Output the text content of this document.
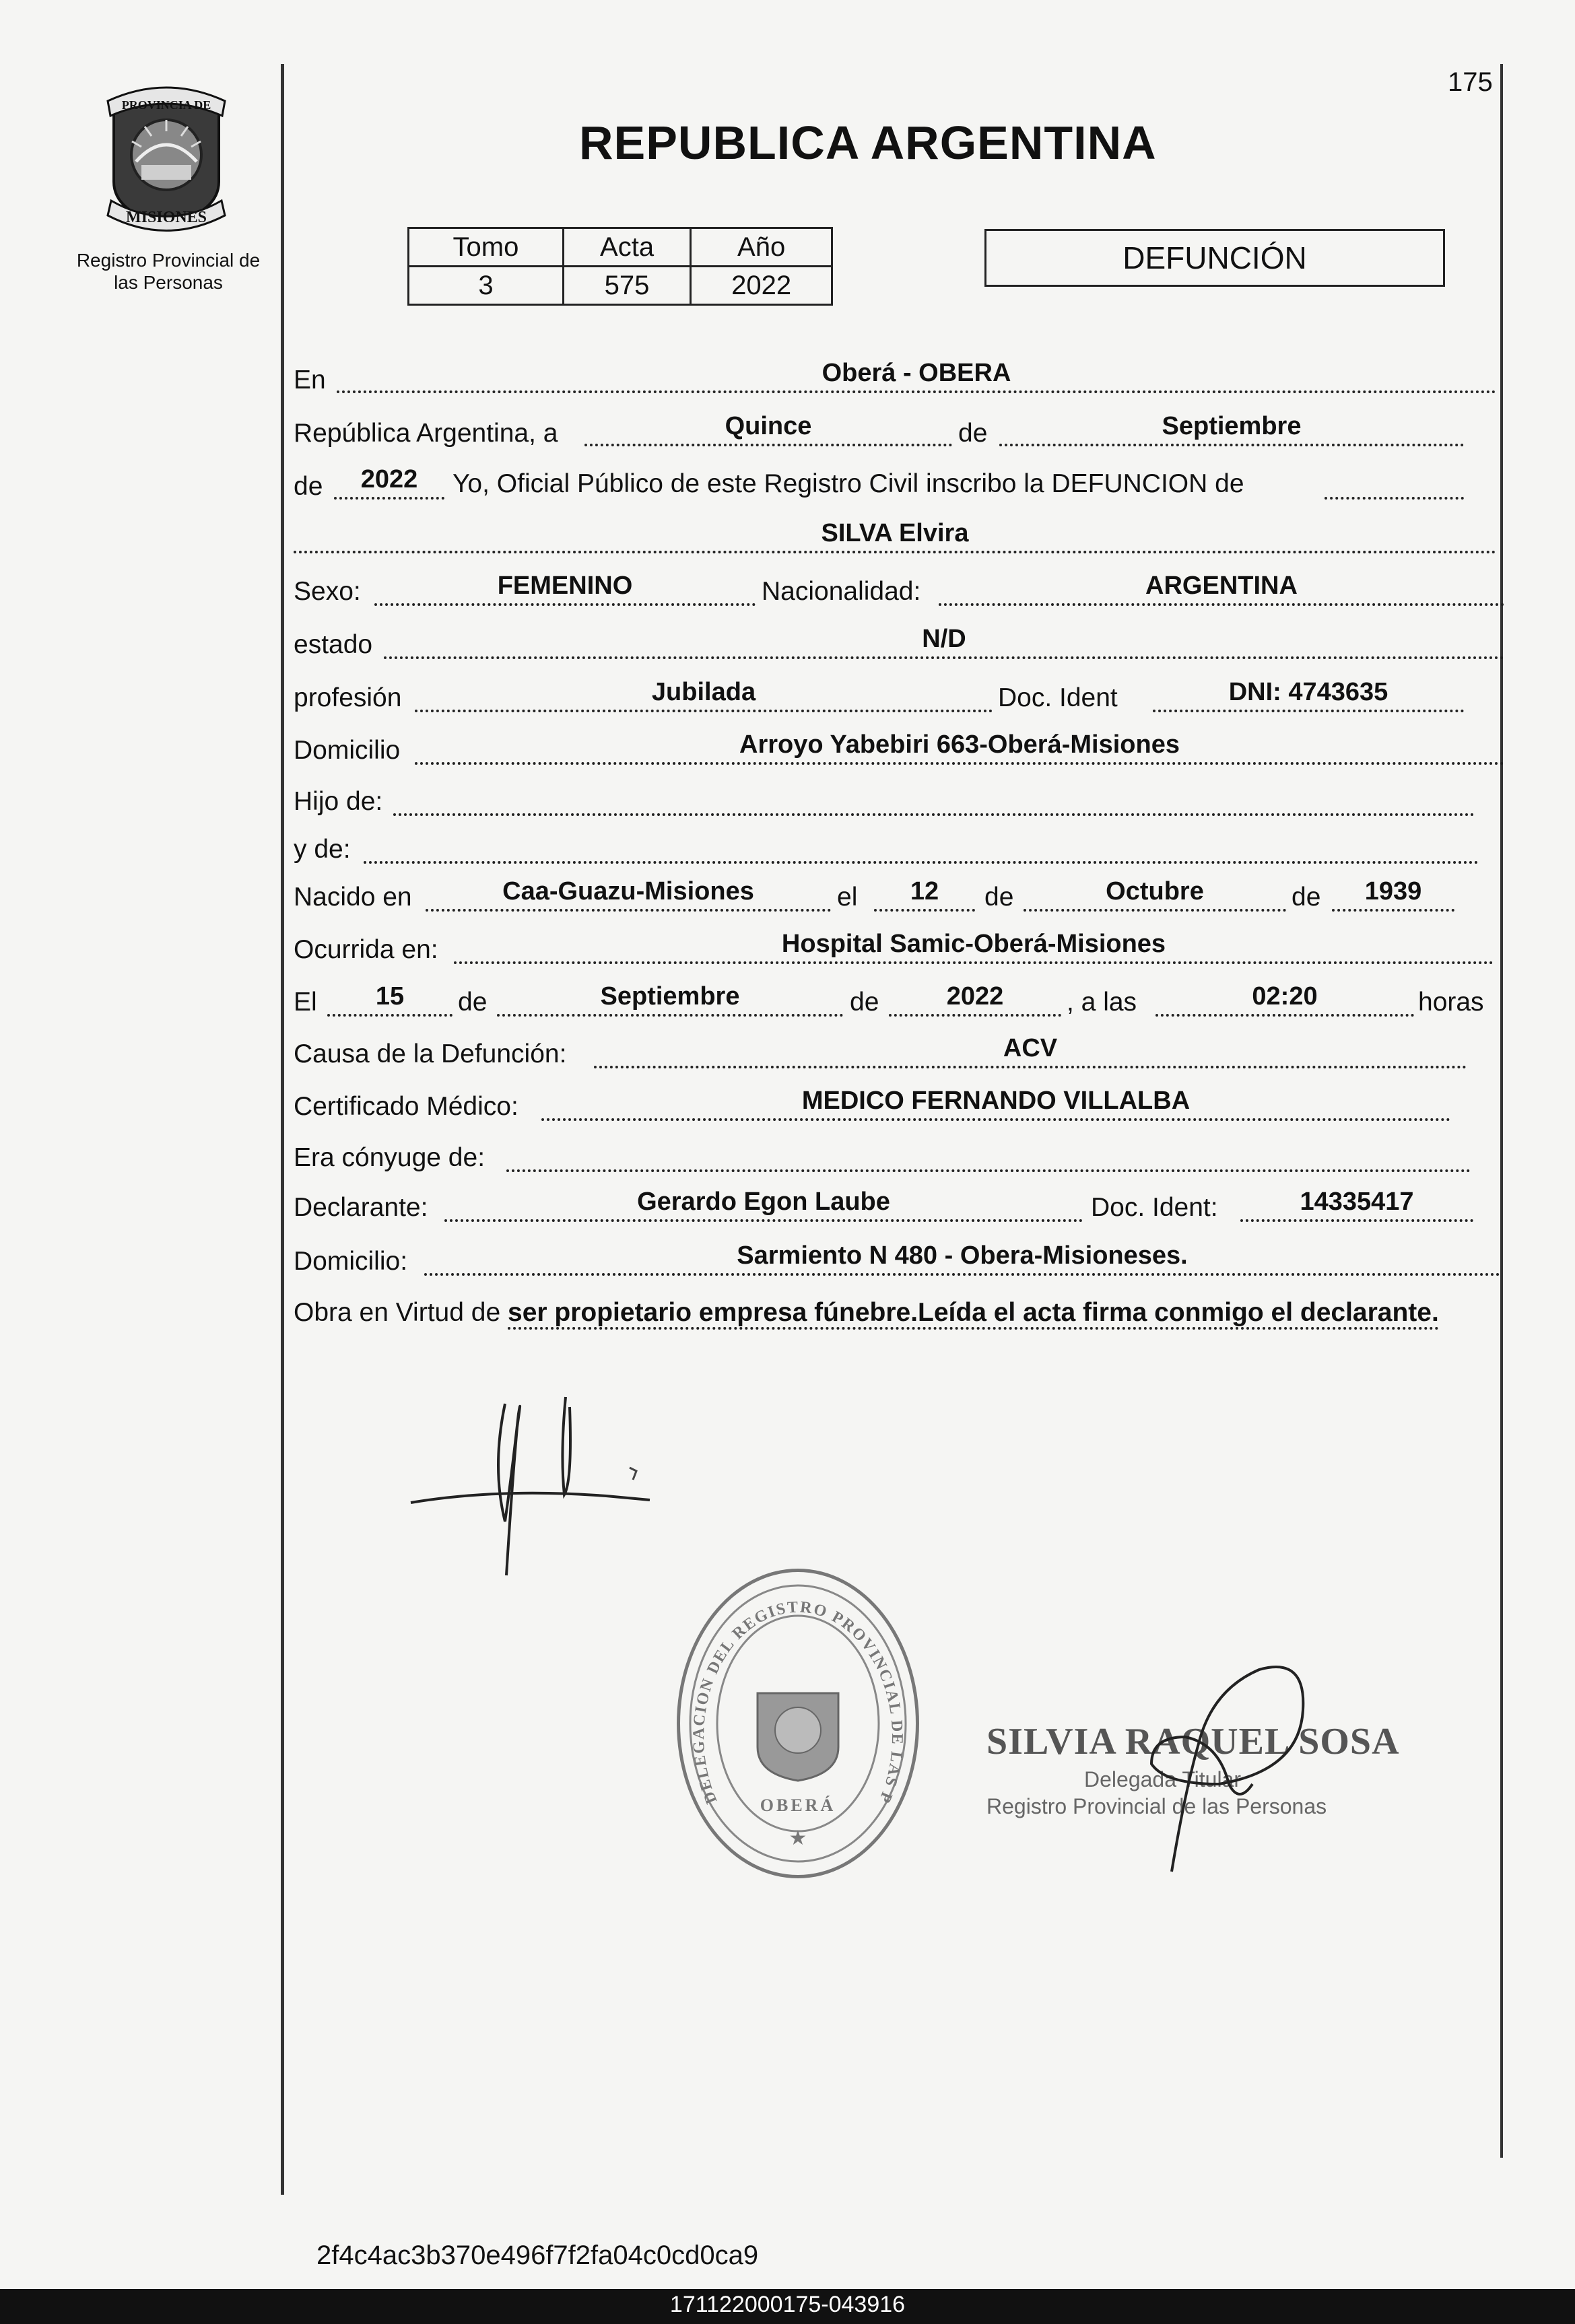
175
PROVINCIA DE
MISIONES
Registro Provincial de
las Personas
REPUBLICA ARGENTINA
Tomo	Acta	Año
3	575	2022
DEFUNCIÓN
En	Oberá - OBERA
República Argentina, a	Quince	de	Septiembre
de	2022	Yo, Oficial Público de este Registro Civil inscribo la DEFUNCION de
SILVA Elvira
Sexo:	FEMENINO	Nacionalidad:	ARGENTINA
estado	N/D
profesión	Jubilada	Doc. Ident	DNI: 4743635
Domicilio	Arroyo Yabebiri 663-Oberá-Misiones
Hijo de:
y de:
Nacido en	Caa-Guazu-Misiones	el	12	de	Octubre	de	1939
Ocurrida en:	Hospital Samic-Oberá-Misiones
El	15	de	Septiembre	de	2022	, a las	02:20	horas
Causa de la Defunción:	ACV
Certificado Médico:	MEDICO FERNANDO VILLALBA
Era cónyuge de:
Declarante:	Gerardo Egon Laube	Doc. Ident:	14335417
Domicilio:	Sarmiento N 480 - Obera-Misioneses.
Obra en Virtud de ser propietario empresa fúnebre.Leída el acta firma conmigo el declarante.
DELEGACION DEL REGISTRO PROVINCIAL DE LAS P
OBERÁ
★
SILVIA RAQUEL SOSA
Delegada Titular
Registro Provincial de las Personas
2f4c4ac3b370e496f7f2fa04c0cd0ca9
171122000175-043916
